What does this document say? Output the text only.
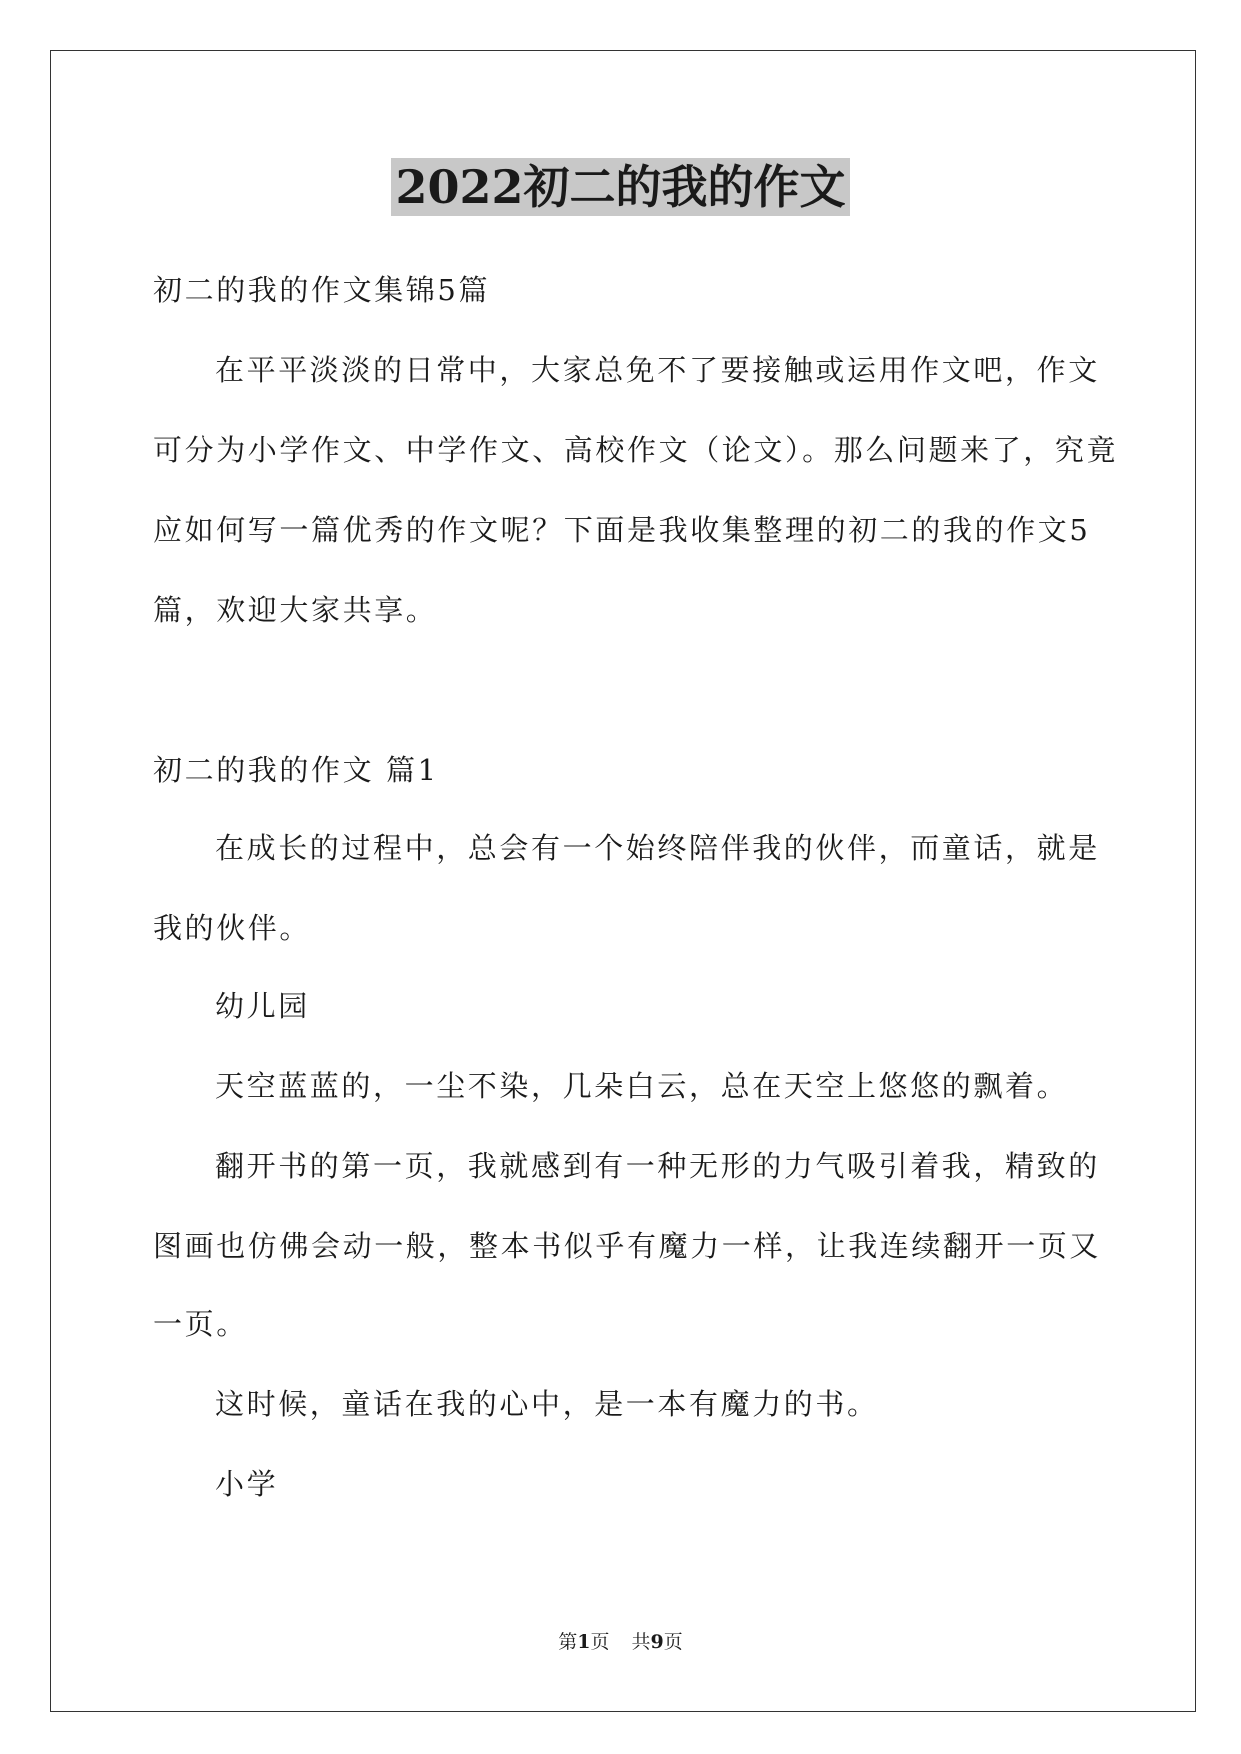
2022初二的我的作文
初二的我的作文集锦5篇
在平平淡淡的日常中，大家总免不了要接触或运用作文吧，作文
可分为小学作文、中学作文、高校作文（论文）。那么问题来了，究竟
应如何写一篇优秀的作文呢？下面是我收集整理的初二的我的作文5
篇，欢迎大家共享。
初二的我的作文 篇1
在成长的过程中，总会有一个始终陪伴我的伙伴，而童话，就是
我的伙伴。
幼儿园
天空蓝蓝的，一尘不染，几朵白云，总在天空上悠悠的飘着。
翻开书的第一页，我就感到有一种无形的力气吸引着我，精致的
图画也仿佛会动一般，整本书似乎有魔力一样，让我连续翻开一页又
一页。
这时候，童话在我的心中，是一本有魔力的书。
小学
第1页 共9页
